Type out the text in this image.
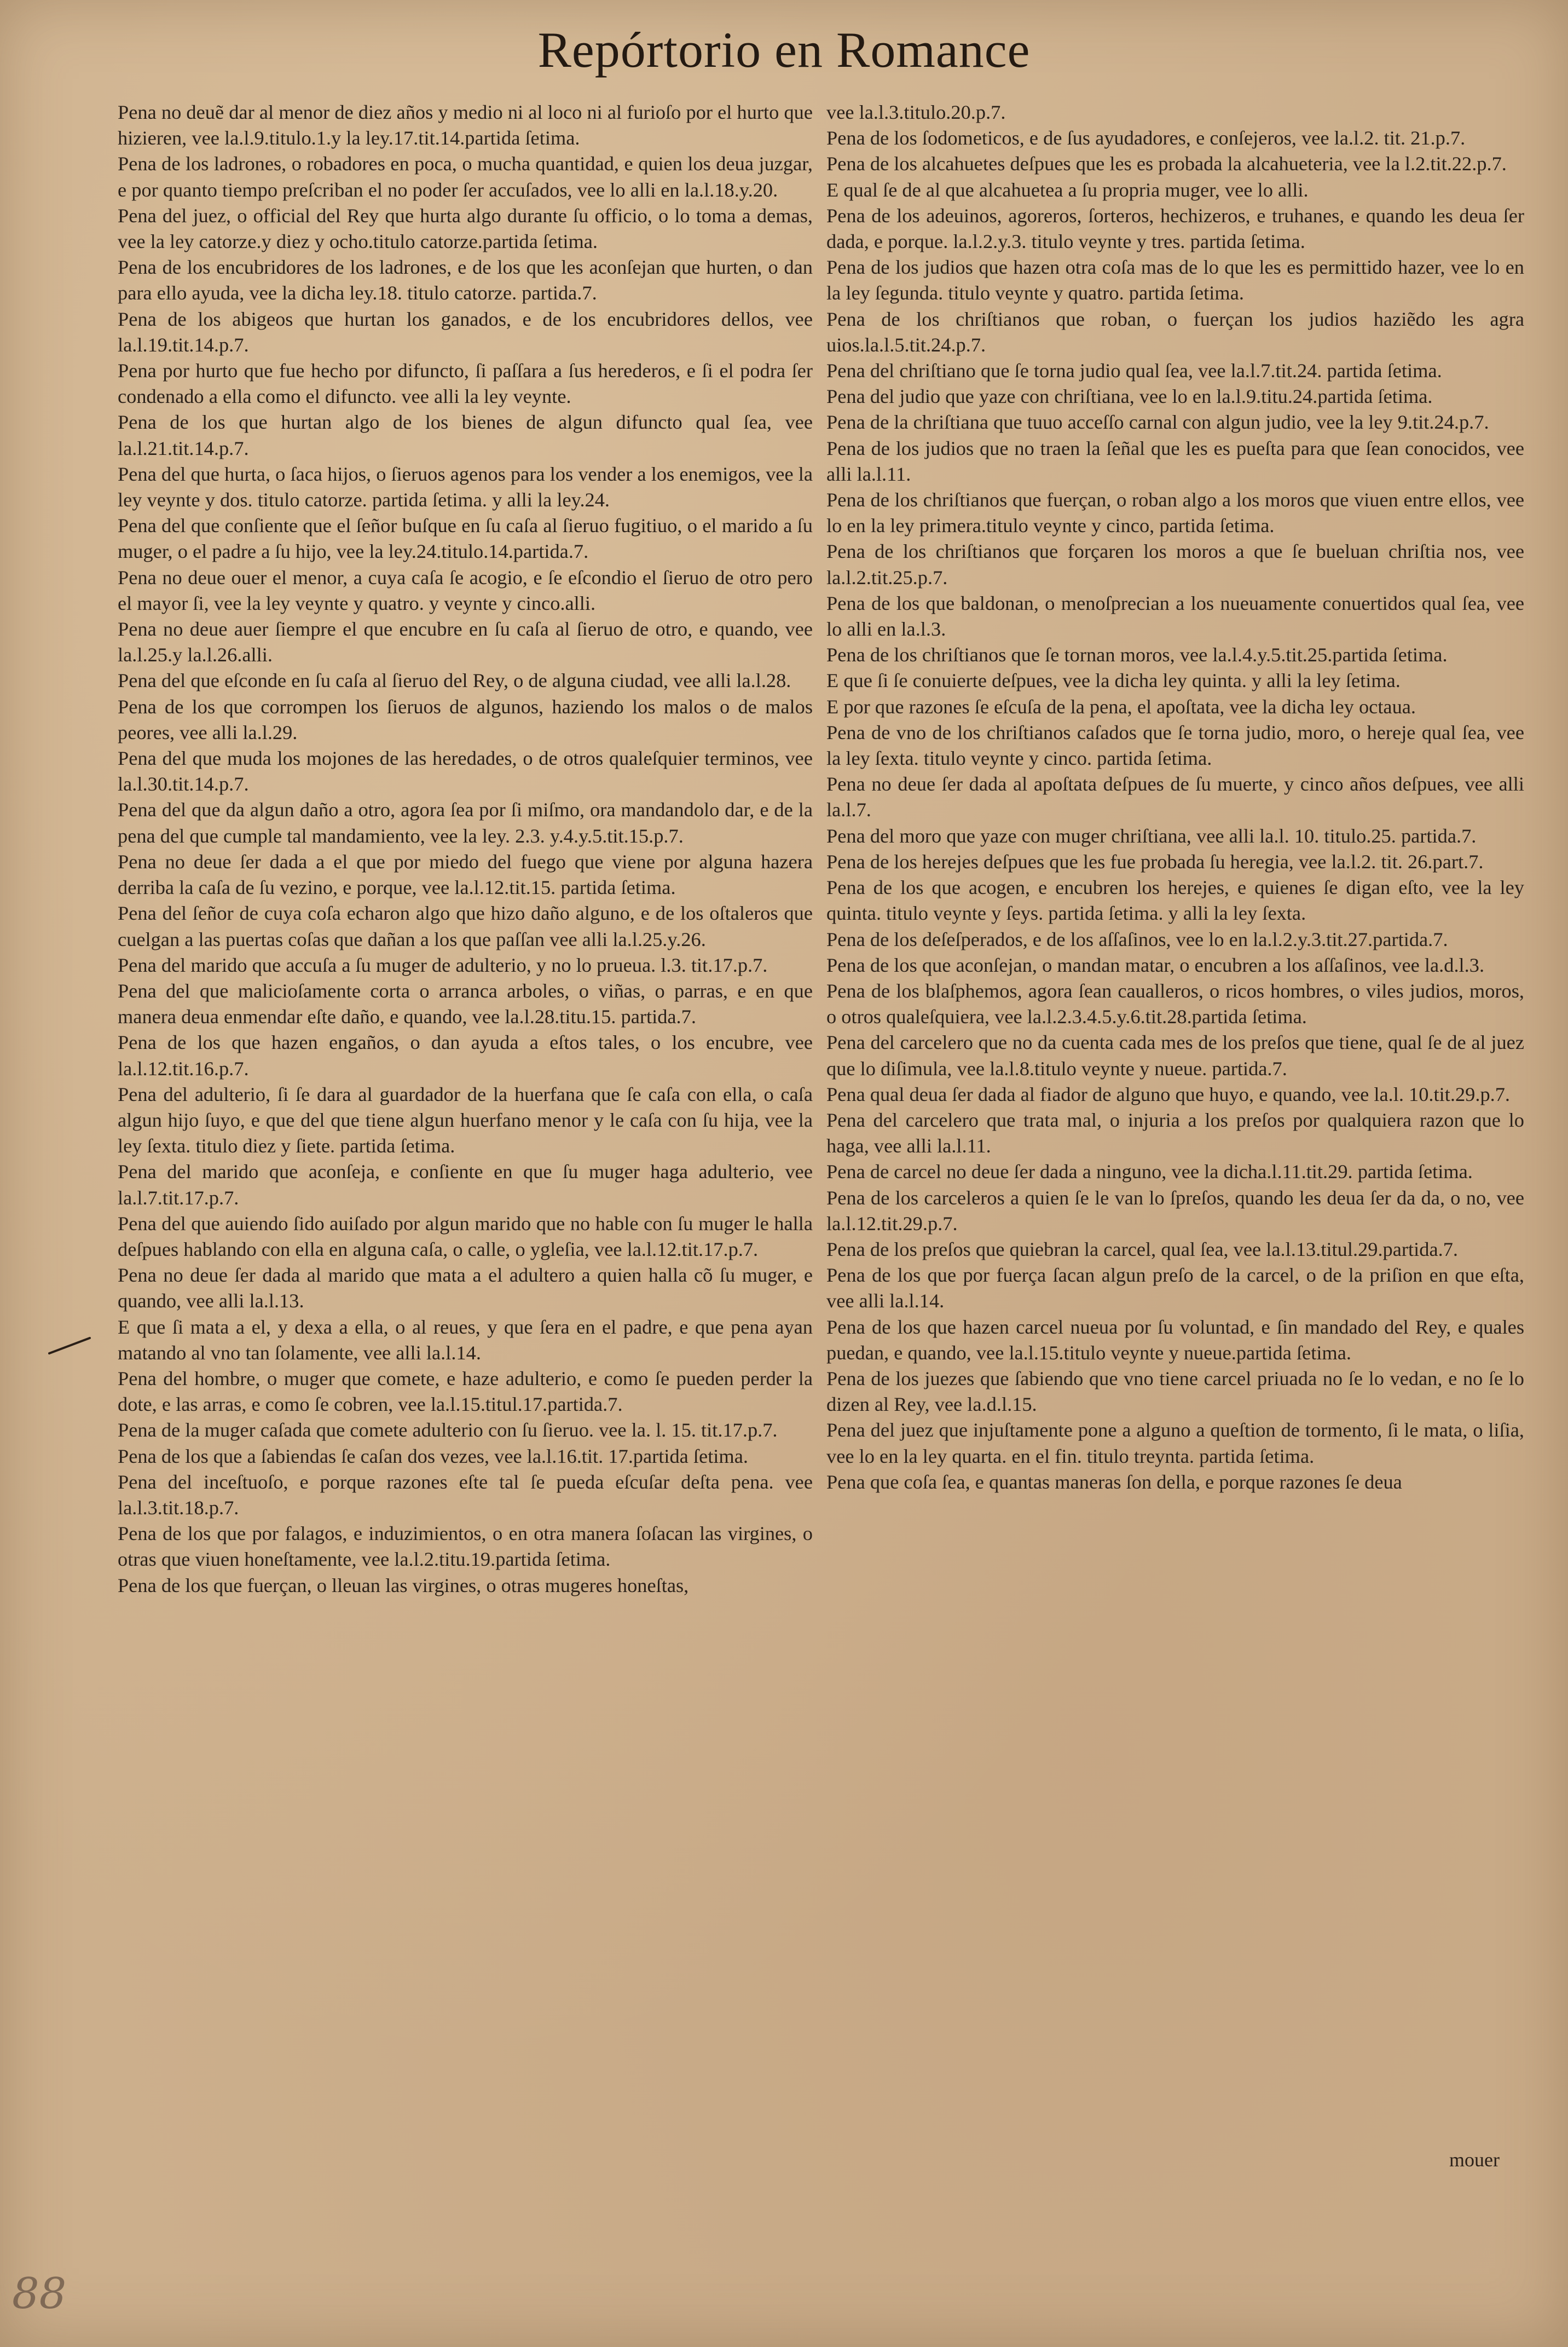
Repórtorio en Romance
Pena no deuẽ dar al menor de diez años y medio ni al loco ni al furioſo por el hurto que hizieren, vee la.l.9.titulo.1.y la ley.17.tit.14.partida ſetima.
Pena de los ladrones, o robadores en poca, o mucha quantidad, e quien los deua juzgar, e por quanto tiempo preſcriban el no poder ſer accuſados, vee lo alli en la.l.18.y.20.
Pena del juez, o official del Rey que hurta algo durante ſu officio, o lo toma a demas, vee la ley catorze.y diez y ocho.titulo catorze.partida ſetima.
Pena de los encubridores de los ladrones, e de los que les aconſejan que hurten, o dan para ello ayuda, vee la dicha ley.18. titulo catorze. partida.7.
Pena de los abigeos que hurtan los ganados, e de los encubridores dellos, vee la.l.19.tit.14.p.7.
Pena por hurto que fue hecho por difuncto, ſi paſſara a ſus herederos, e ſi el podra ſer condenado a ella como el difuncto. vee alli la ley veynte.
Pena de los que hurtan algo de los bienes de algun difuncto qual ſea, vee la.l.21.tit.14.p.7.
Pena del que hurta, o ſaca hijos, o ſieruos agenos para los vender a los enemigos, vee la ley veynte y dos. titulo catorze. partida ſetima. y alli la ley.24.
Pena del que conſiente que el ſeñor buſque en ſu caſa al ſieruo fugitiuo, o el marido a ſu muger, o el padre a ſu hijo, vee la ley.24.titulo.14.partida.7.
Pena no deue ouer el menor, a cuya caſa ſe acogio, e ſe eſcondio el ſieruo de otro pero el mayor ſi, vee la ley veynte y quatro. y veynte y cinco.alli.
Pena no deue auer ſiempre el que encubre en ſu caſa al ſieruo de otro, e quando, vee la.l.25.y la.l.26.alli.
Pena del que eſconde en ſu caſa al ſieruo del Rey, o de alguna ciudad, vee alli la.l.28.
Pena de los que corrompen los ſieruos de algunos, haziendo los malos o de malos peores, vee alli la.l.29.
Pena del que muda los mojones de las heredades, o de otros qualeſquier terminos, vee la.l.30.tit.14.p.7.
Pena del que da algun daño a otro, agora ſea por ſi miſmo, ora mandandolo dar, e de la pena del que cumple tal mandamiento, vee la ley. 2.3. y.4.y.5.tit.15.p.7.
Pena no deue ſer dada a el que por miedo del fuego que viene por alguna hazera derriba la caſa de ſu vezino, e porque, vee la.l.12.tit.15. partida ſetima.
Pena del ſeñor de cuya coſa echaron algo que hizo daño alguno, e de los oſtaleros que cuelgan a las puertas coſas que dañan a los que paſſan vee alli la.l.25.y.26.
Pena del marido que accuſa a ſu muger de adulterio, y no lo prueua. l.3. tit.17.p.7.
Pena del que malicioſamente corta o arranca arboles, o viñas, o parras, e en que manera deua enmendar eſte daño, e quando, vee la.l.28.titu.15. partida.7.
Pena de los que hazen engaños, o dan ayuda a eſtos tales, o los encubre, vee la.l.12.tit.16.p.7.
Pena del adulterio, ſi ſe dara al guardador de la huerfana que ſe caſa con ella, o caſa algun hijo ſuyo, e que del que tiene algun huerfano menor y le caſa con ſu hija, vee la ley ſexta. titulo diez y ſiete. partida ſetima.
Pena del marido que aconſeja, e conſiente en que ſu muger haga adulterio, vee la.l.7.tit.17.p.7.
Pena del que auiendo ſido auiſado por algun marido que no hable con ſu muger le halla deſpues hablando con ella en alguna caſa, o calle, o ygleſia, vee la.l.12.tit.17.p.7.
Pena no deue ſer dada al marido que mata a el adultero a quien halla cõ ſu muger, e quando, vee alli la.l.13.
E que ſi mata a el, y dexa a ella, o al reues, y que ſera en el padre, e que pena ayan matando al vno tan ſolamente, vee alli la.l.14.
Pena del hombre, o muger que comete, e haze adulterio, e como ſe pueden perder la dote, e las arras, e como ſe cobren, vee la.l.15.titul.17.partida.7.
Pena de la muger caſada que comete adulterio con ſu ſieruo. vee la. l. 15. tit.17.p.7.
Pena de los que a ſabiendas ſe caſan dos vezes, vee la.l.16.tit. 17.partida ſetima.
Pena del inceſtuoſo, e porque razones eſte tal ſe pueda eſcuſar deſta pena. vee la.l.3.tit.18.p.7.
Pena de los que por falagos, e induzimientos, o en otra manera ſoſacan las virgines, o otras que viuen honeſtamente, vee la.l.2.titu.19.partida ſetima.
Pena de los que fuerçan, o lleuan las virgines, o otras mugeres honeſtas,
vee la.l.3.titulo.20.p.7.
Pena de los ſodometicos, e de ſus ayudadores, e conſejeros, vee la.l.2. tit. 21.p.7.
Pena de los alcahuetes deſpues que les es probada la alcahueteria, vee la l.2.tit.22.p.7.
E qual ſe de al que alcahuetea a ſu propria muger, vee lo alli.
Pena de los adeuinos, agoreros, ſorteros, hechizeros, e truhanes, e quando les deua ſer dada, e porque. la.l.2.y.3. titulo veynte y tres. partida ſetima.
Pena de los judios que hazen otra coſa mas de lo que les es permittido hazer, vee lo en la ley ſegunda. titulo veynte y quatro. partida ſetima.
Pena de los chriſtianos que roban, o fuerçan los judios haziẽdo les agra uios.la.l.5.tit.24.p.7.
Pena del chriſtiano que ſe torna judio qual ſea, vee la.l.7.tit.24. partida ſetima.
Pena del judio que yaze con chriſtiana, vee lo en la.l.9.titu.24.partida ſetima.
Pena de la chriſtiana que tuuo acceſſo carnal con algun judio, vee la ley 9.tit.24.p.7.
Pena de los judios que no traen la ſeñal que les es pueſta para que ſean conocidos, vee alli la.l.11.
Pena de los chriſtianos que fuerçan, o roban algo a los moros que viuen entre ellos, vee lo en la ley primera.titulo veynte y cinco, partida ſetima.
Pena de los chriſtianos que forçaren los moros a que ſe bueluan chriſtia nos, vee la.l.2.tit.25.p.7.
Pena de los que baldonan, o menoſprecian a los nueuamente conuertidos qual ſea, vee lo alli en la.l.3.
Pena de los chriſtianos que ſe tornan moros, vee la.l.4.y.5.tit.25.partida ſetima.
E que ſi ſe conuierte deſpues, vee la dicha ley quinta. y alli la ley ſetima.
E por que razones ſe eſcuſa de la pena, el apoſtata, vee la dicha ley octaua.
Pena de vno de los chriſtianos caſados que ſe torna judio, moro, o hereje qual ſea, vee la ley ſexta. titulo veynte y cinco. partida ſetima.
Pena no deue ſer dada al apoſtata deſpues de ſu muerte, y cinco años deſpues, vee alli la.l.7.
Pena del moro que yaze con muger chriſtiana, vee alli la.l. 10. titulo.25. partida.7.
Pena de los herejes deſpues que les fue probada ſu heregia, vee la.l.2. tit. 26.part.7.
Pena de los que acogen, e encubren los herejes, e quienes ſe digan eſto, vee la ley quinta. titulo veynte y ſeys. partida ſetima. y alli la ley ſexta.
Pena de los deſeſperados, e de los aſſaſinos, vee lo en la.l.2.y.3.tit.27.partida.7.
Pena de los que aconſejan, o mandan matar, o encubren a los aſſaſinos, vee la.d.l.3.
Pena de los blaſphemos, agora ſean caualleros, o ricos hombres, o viles judios, moros, o otros qualeſquiera, vee la.l.2.3.4.5.y.6.tit.28.partida ſetima.
Pena del carcelero que no da cuenta cada mes de los preſos que tiene, qual ſe de al juez que lo diſimula, vee la.l.8.titulo veynte y nueue. partida.7.
Pena qual deua ſer dada al fiador de alguno que huyo, e quando, vee la.l. 10.tit.29.p.7.
Pena del carcelero que trata mal, o injuria a los preſos por qualquiera razon que lo haga, vee alli la.l.11.
Pena de carcel no deue ſer dada a ninguno, vee la dicha.l.11.tit.29. partida ſetima.
Pena de los carceleros a quien ſe le van lo ſpreſos, quando les deua ſer da da, o no, vee la.l.12.tit.29.p.7.
Pena de los preſos que quiebran la carcel, qual ſea, vee la.l.13.titul.29.partida.7.
Pena de los que por fuerça ſacan algun preſo de la carcel, o de la priſion en que eſta, vee alli la.l.14.
Pena de los que hazen carcel nueua por ſu voluntad, e ſin mandado del Rey, e quales puedan, e quando, vee la.l.15.titulo veynte y nueue.partida ſetima.
Pena de los juezes que ſabiendo que vno tiene carcel priuada no ſe lo vedan, e no ſe lo dizen al Rey, vee la.d.l.15.
Pena del juez que injuſtamente pone a alguno a queſtion de tormento, ſi le mata, o liſia, vee lo en la ley quarta. en el fin. titulo treynta. partida ſetima.
Pena que coſa ſea, e quantas maneras ſon della, e porque razones ſe deua
mouer
88
